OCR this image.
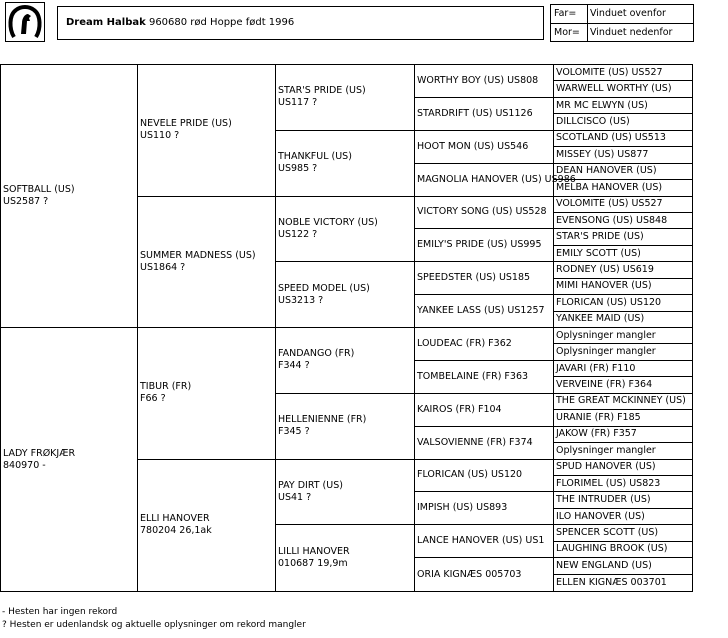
Dream Halbak 960680 rød Hoppe født 1996
Far=	Vinduet ovenfor
Mor=	Vinduet nedenfor
SOFTBALL (US)
US2587 ?
LADY FRØKJÆR
840970 -
NEVELE PRIDE (US)
US110 ?
SUMMER MADNESS (US)
US1864 ?
TIBUR (FR)
F66 ?
ELLI HANOVER
780204 26,1ak
STAR'S PRIDE (US)
US117 ?
THANKFUL (US)
US985 ?
NOBLE VICTORY (US)
US122 ?
SPEED MODEL (US)
US3213 ?
FANDANGO (FR)
F344 ?
HELLENIENNE (FR)
F345 ?
PAY DIRT (US)
US41 ?
LILLI HANOVER
010687 19,9m
WORTHY BOY (US) US808
STARDRIFT (US) US1126
HOOT MON (US) US546
MAGNOLIA HANOVER (US) US986
VICTORY SONG (US) US528
EMILY'S PRIDE (US) US995
SPEEDSTER (US) US185
YANKEE LASS (US) US1257
LOUDEAC (FR) F362
TOMBELAINE (FR) F363
KAIROS (FR) F104
VALSOVIENNE (FR) F374
FLORICAN (US) US120
IMPISH (US) US893
LANCE HANOVER (US) US1
ORIA KIGNÆS 005703
VOLOMITE (US) US527
WARWELL WORTHY (US)
MR MC ELWYN (US)
DILLCISCO (US)
SCOTLAND (US) US513
MISSEY (US) US877
DEAN HANOVER (US)
MELBA HANOVER (US)
VOLOMITE (US) US527
EVENSONG (US) US848
STAR'S PRIDE (US)
EMILY SCOTT (US)
RODNEY (US) US619
MIMI HANOVER (US)
FLORICAN (US) US120
YANKEE MAID (US)
Oplysninger mangler
Oplysninger mangler
JAVARI (FR) F110
VERVEINE (FR) F364
THE GREAT MCKINNEY (US)
URANIE (FR) F185
JAKOW (FR) F357
Oplysninger mangler
SPUD HANOVER (US)
FLORIMEL (US) US823
THE INTRUDER (US)
ILO HANOVER (US)
SPENCER SCOTT (US)
LAUGHING BROOK (US)
NEW ENGLAND (US)
ELLEN KIGNÆS 003701
- Hesten har ingen rekord
? Hesten er udenlandsk og aktuelle oplysninger om rekord mangler
